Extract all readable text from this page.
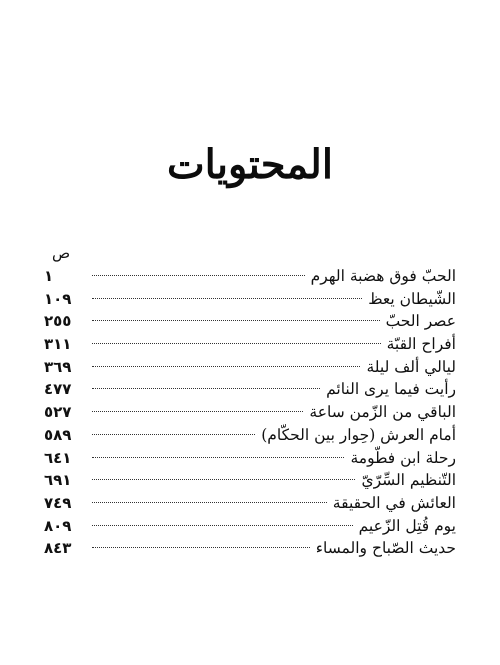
المحتويات
ص
الحبّ فوق هضبة الهرم
١
الشّيطان يعظ
١٠٩
عصر الحبّ
٢٥٥
أفراح القبّة
٣١١
ليالي ألف ليلة
٣٦٩
رأيت فيما يرى النائم
٤٧٧
الباقي من الزّمن ساعة
٥٢٧
أمام العرش (حِوار بين الحكّام)
٥٨٩
رحلة ابن فطّومة
٦٤١
التّنظيم السِّرّيّ
٦٩١
العائش في الحقيقة
٧٤٩
يوم قُتِل الزّعيم
٨٠٩
حديث الصّباح والمساء
٨٤٣
